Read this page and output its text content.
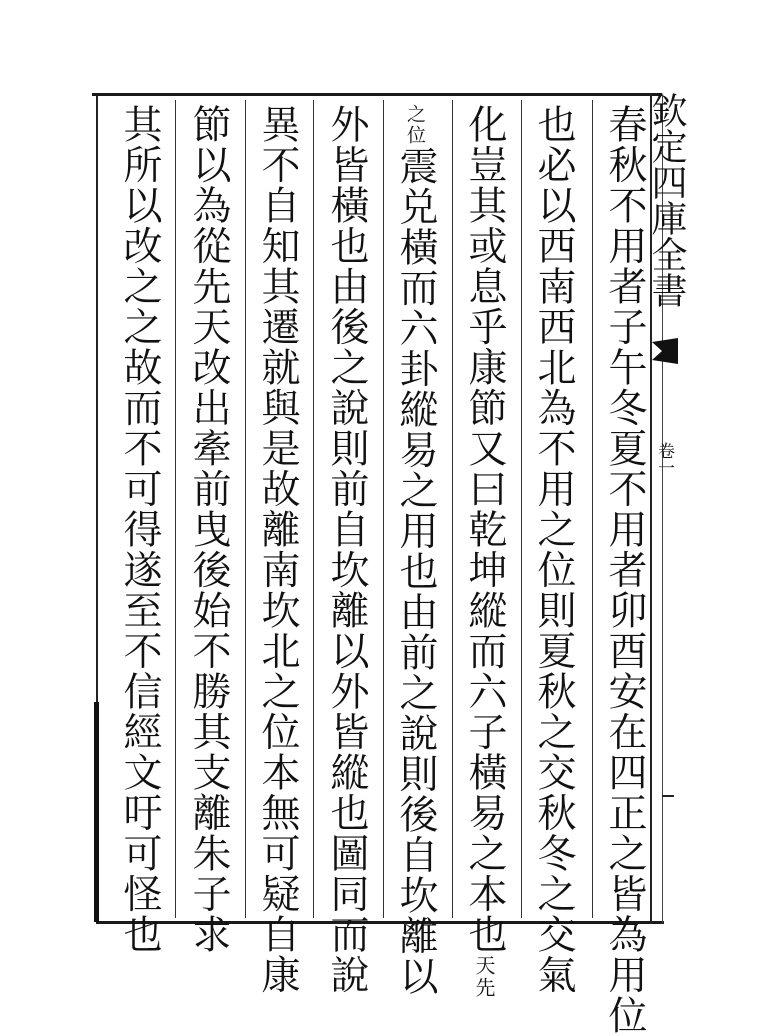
欽定四庫全書
卷一
春秋不用者子午冬夏不用者卯酉安在四正之皆為用位
也必以西南西北為不用之位則夏秋之交秋冬之交氣
化豈其或息乎康節又曰乾坤縱而六子橫易之本也
先
天
之位震兑橫而六卦縱易之用也由前之說則後自坎離以
外皆橫也由後之說則前自坎離以外皆縱也圖同而說
異不自知其遷就與是故離南坎北之位本無可疑自康
節以為從先天改出牽前曳後始不勝其支離朱子求
其所以改之之故而不可得遂至不信經文吁可怪也
